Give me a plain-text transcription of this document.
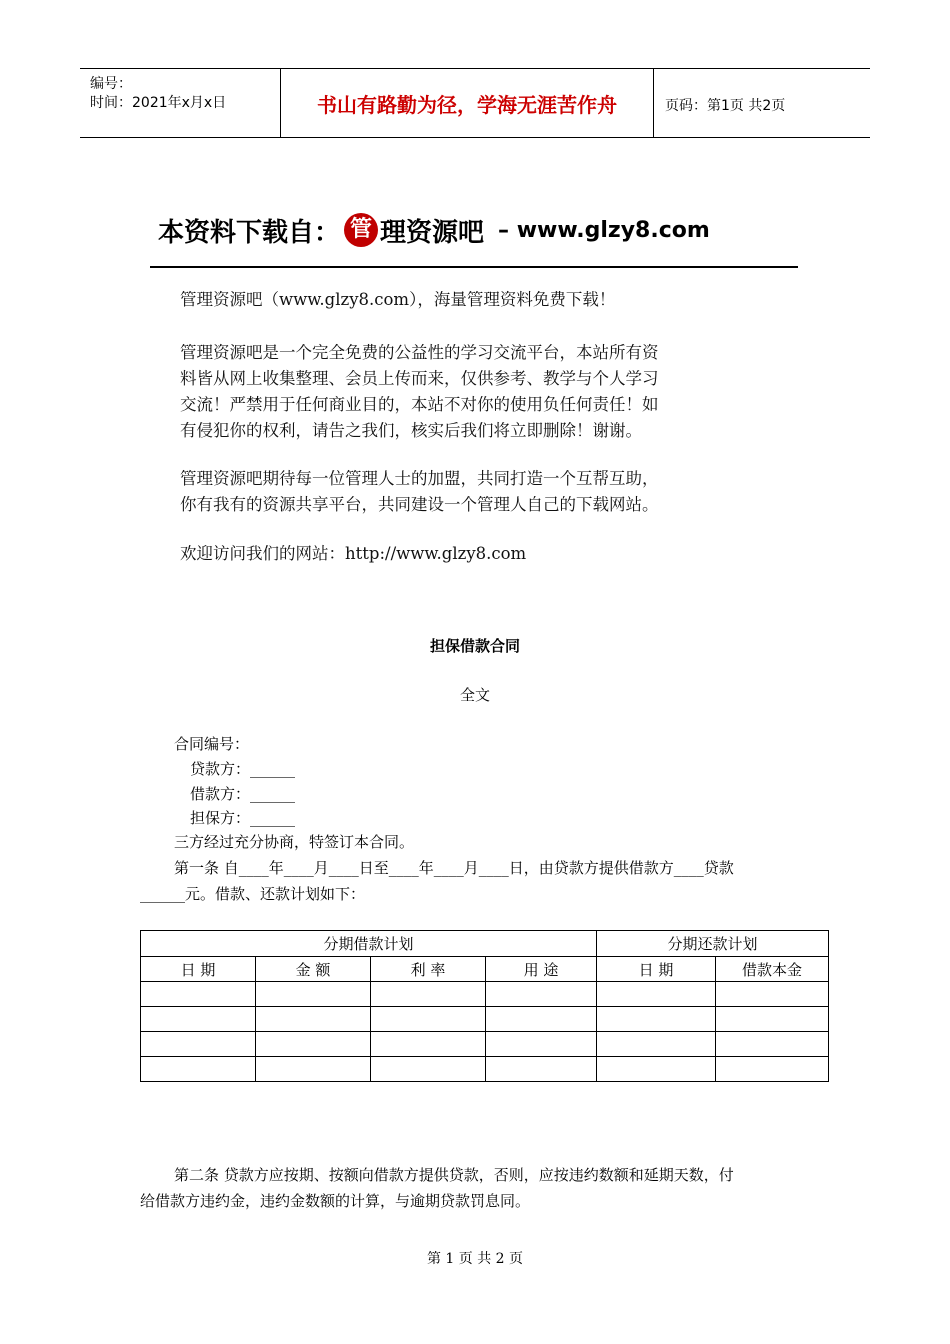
编号：
时间：2021年x月x日	书山有路勤为径，学海无涯苦作舟	页码：第1页 共2页
本资料下载自： 管 理资源吧 – www.glzy8.com
管理资源吧（www.glzy8.com），海量管理资料免费下载！
管理资源吧是一个完全免费的公益性的学习交流平台，本站所有资
料皆从网上收集整理、会员上传而来，仅供参考、教学与个人学习
交流！严禁用于任何商业目的，本站不对你的使用负任何责任！如
有侵犯你的权利，请告之我们，核实后我们将立即删除！谢谢。
管理资源吧期待每一位管理人士的加盟，共同打造一个互帮互助，
你有我有的资源共享平台，共同建设一个管理人自己的下载网站。
欢迎访问我们的网站：http://www.glzy8.com
担保借款合同
全文
合同编号：
贷款方：______
借款方：______
担保方：______
三方经过充分协商，特签订本合同。
第一条 自____年____月____日至____年____月____日，由贷款方提供借款方____贷款
______元。借款、还款计划如下：
分期借款计划				分期还款计划	
日 期	金 额	利 率	用 途	日 期	借款本金

第二条 贷款方应按期、按额向借款方提供贷款，否则，应按违约数额和延期天数，付
给借款方违约金，违约金数额的计算，与逾期贷款罚息同。
第 1 页 共 2 页
